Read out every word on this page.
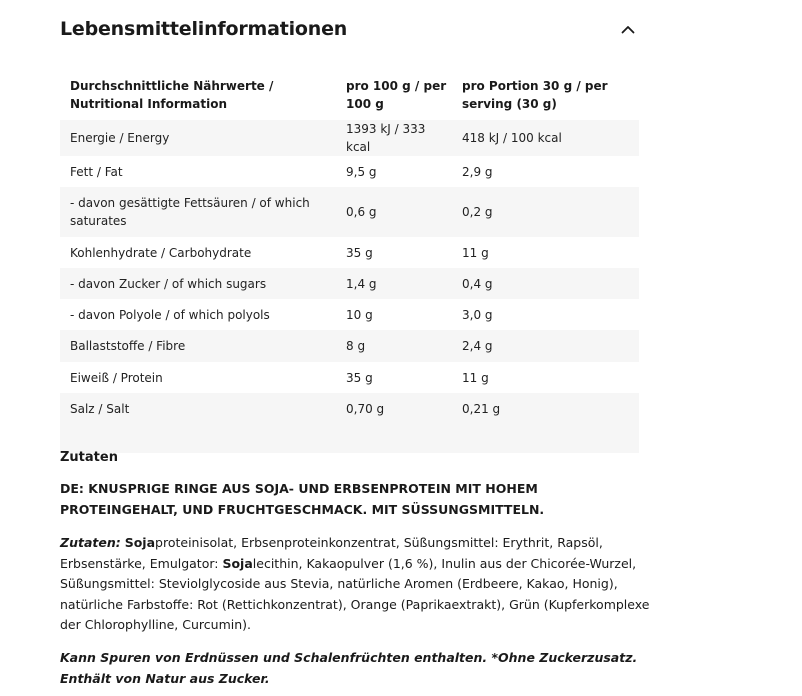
Lebensmittelinformationen
Durchschnittliche Nährwerte / Nutritional Information	pro 100 g / per 100 g	pro Portion 30 g / per serving (30 g)
Energie / Energy	1393 kJ / 333 kcal	418 kJ / 100 kcal
Fett / Fat	9,5 g	2,9 g
- davon gesättigte Fettsäuren / of which saturates	0,6 g	0,2 g
Kohlenhydrate / Carbohydrate	35 g	11 g
- davon Zucker / of which sugars	1,4 g	0,4 g
- davon Polyole / of which polyols	10 g	3,0 g
Ballaststoffe / Fibre	8 g	2,4 g
Eiweiß / Protein	35 g	11 g
Salz / Salt	0,70 g	0,21 g
Zutaten
DE: KNUSPRIGE RINGE AUS SOJA- UND ERBSENPROTEIN MIT HOHEM PROTEINGEHALT, UND FRUCHTGESCHMACK. MIT SÜSSUNGSMITTELN.
Zutaten: Sojaproteinisolat, Erbsenproteinkonzentrat, Süßungsmittel: Erythrit, Rapsöl, Erbsenstärke, Emulgator: Sojalecithin, Kakaopulver (1,6 %), Inulin aus der Chicorée-Wurzel, Süßungsmittel: Steviolglycoside aus Stevia, natürliche Aromen (Erdbeere, Kakao, Honig), natürliche Farbstoffe: Rot (Rettichkonzentrat), Orange (Paprikaextrakt), Grün (Kupferkomplexe der Chlorophylline, Curcumin).
Kann Spuren von Erdnüssen und Schalenfrüchten enthalten. *Ohne Zuckerzusatz. Enthält von Natur aus Zucker.
